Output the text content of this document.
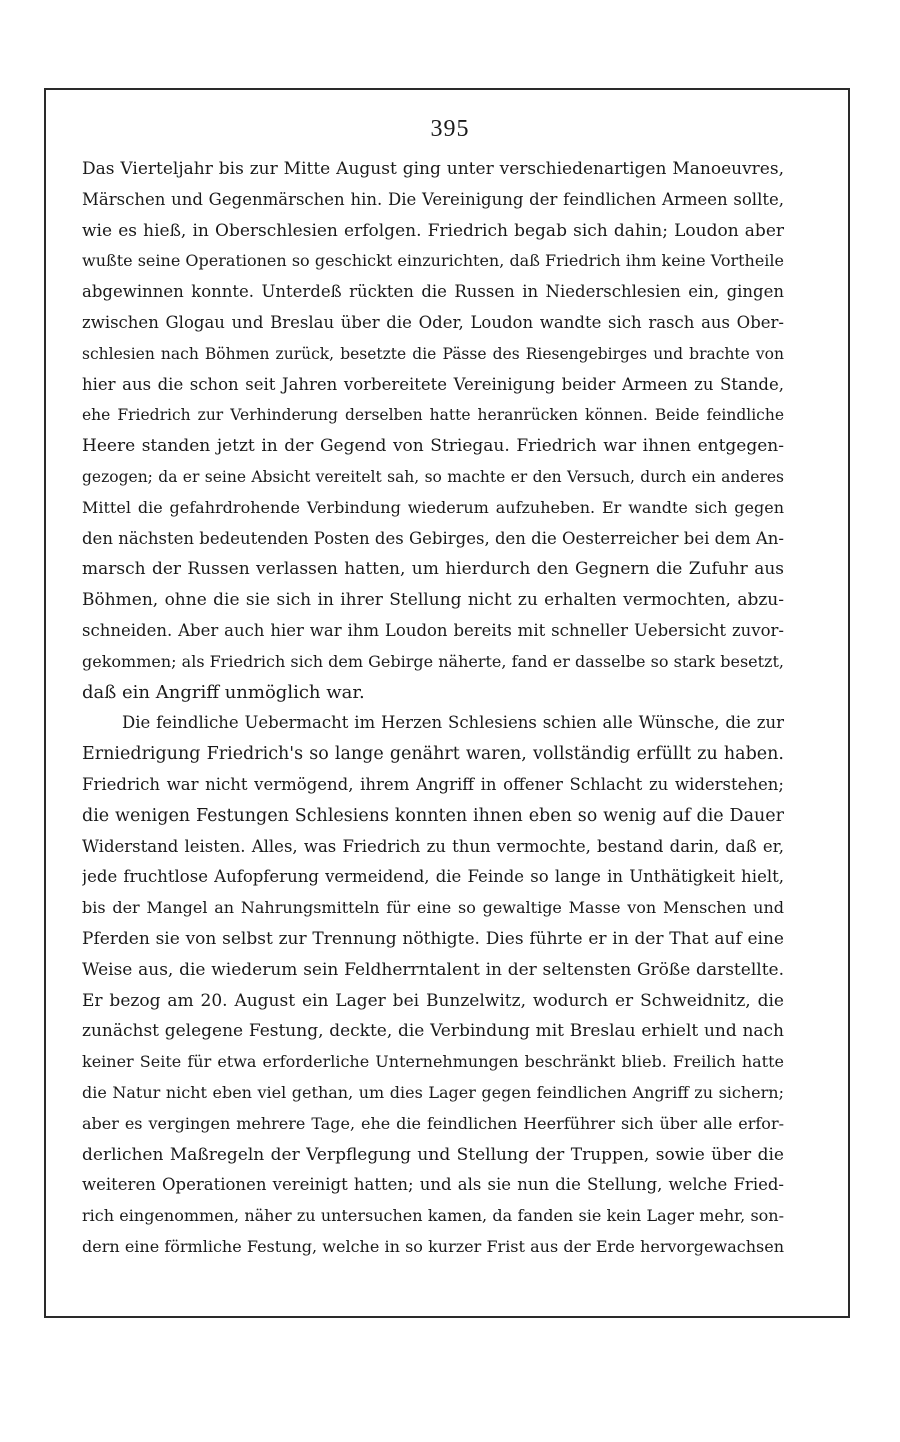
395
Das Vierteljahr bis zur Mitte August ging unter verschiedenartigen Manoeuvres,
Märschen und Gegenmärschen hin. Die Vereinigung der feindlichen Armeen sollte,
wie es hieß, in Oberschlesien erfolgen. Friedrich begab sich dahin; Loudon aber
wußte seine Operationen so geschickt einzurichten, daß Friedrich ihm keine Vortheile
abgewinnen konnte. Unterdeß rückten die Russen in Niederschlesien ein, gingen
zwischen Glogau und Breslau über die Oder, Loudon wandte sich rasch aus Ober-
schlesien nach Böhmen zurück, besetzte die Pässe des Riesengebirges und brachte von
hier aus die schon seit Jahren vorbereitete Vereinigung beider Armeen zu Stande,
ehe Friedrich zur Verhinderung derselben hatte heranrücken können. Beide feindliche
Heere standen jetzt in der Gegend von Striegau. Friedrich war ihnen entgegen-
gezogen; da er seine Absicht vereitelt sah, so machte er den Versuch, durch ein anderes
Mittel die gefahrdrohende Verbindung wiederum aufzuheben. Er wandte sich gegen
den nächsten bedeutenden Posten des Gebirges, den die Oesterreicher bei dem An-
marsch der Russen verlassen hatten, um hierdurch den Gegnern die Zufuhr aus
Böhmen, ohne die sie sich in ihrer Stellung nicht zu erhalten vermochten, abzu-
schneiden. Aber auch hier war ihm Loudon bereits mit schneller Uebersicht zuvor-
gekommen; als Friedrich sich dem Gebirge näherte, fand er dasselbe so stark besetzt,
daß ein Angriff unmöglich war.
Die feindliche Uebermacht im Herzen Schlesiens schien alle Wünsche, die zur
Erniedrigung Friedrich's so lange genährt waren, vollständig erfüllt zu haben.
Friedrich war nicht vermögend, ihrem Angriff in offener Schlacht zu widerstehen;
die wenigen Festungen Schlesiens konnten ihnen eben so wenig auf die Dauer
Widerstand leisten. Alles, was Friedrich zu thun vermochte, bestand darin, daß er,
jede fruchtlose Aufopferung vermeidend, die Feinde so lange in Unthätigkeit hielt,
bis der Mangel an Nahrungsmitteln für eine so gewaltige Masse von Menschen und
Pferden sie von selbst zur Trennung nöthigte. Dies führte er in der That auf eine
Weise aus, die wiederum sein Feldherrntalent in der seltensten Größe darstellte.
Er bezog am 20. August ein Lager bei Bunzelwitz, wodurch er Schweidnitz, die
zunächst gelegene Festung, deckte, die Verbindung mit Breslau erhielt und nach
keiner Seite für etwa erforderliche Unternehmungen beschränkt blieb. Freilich hatte
die Natur nicht eben viel gethan, um dies Lager gegen feindlichen Angriff zu sichern;
aber es vergingen mehrere Tage, ehe die feindlichen Heerführer sich über alle erfor-
derlichen Maßregeln der Verpflegung und Stellung der Truppen, sowie über die
weiteren Operationen vereinigt hatten; und als sie nun die Stellung, welche Fried-
rich eingenommen, näher zu untersuchen kamen, da fanden sie kein Lager mehr, son-
dern eine förmliche Festung, welche in so kurzer Frist aus der Erde hervorgewachsen
